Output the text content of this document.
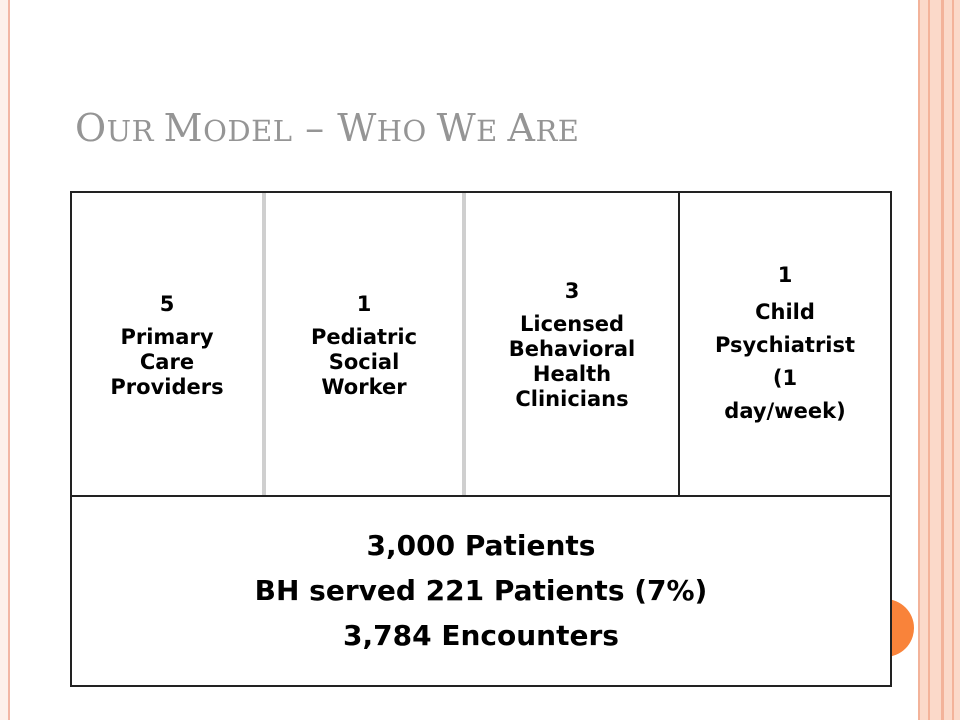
OUR MODEL – WHO WE ARE
5
Primary
Care
Providers
1
Pediatric
Social
Worker
3
Licensed
Behavioral
Health
Clinicians
1
Child
Psychiatrist
(1
day/week)
3,000 Patients
BH served 221 Patients (7%)
3,784 Encounters
